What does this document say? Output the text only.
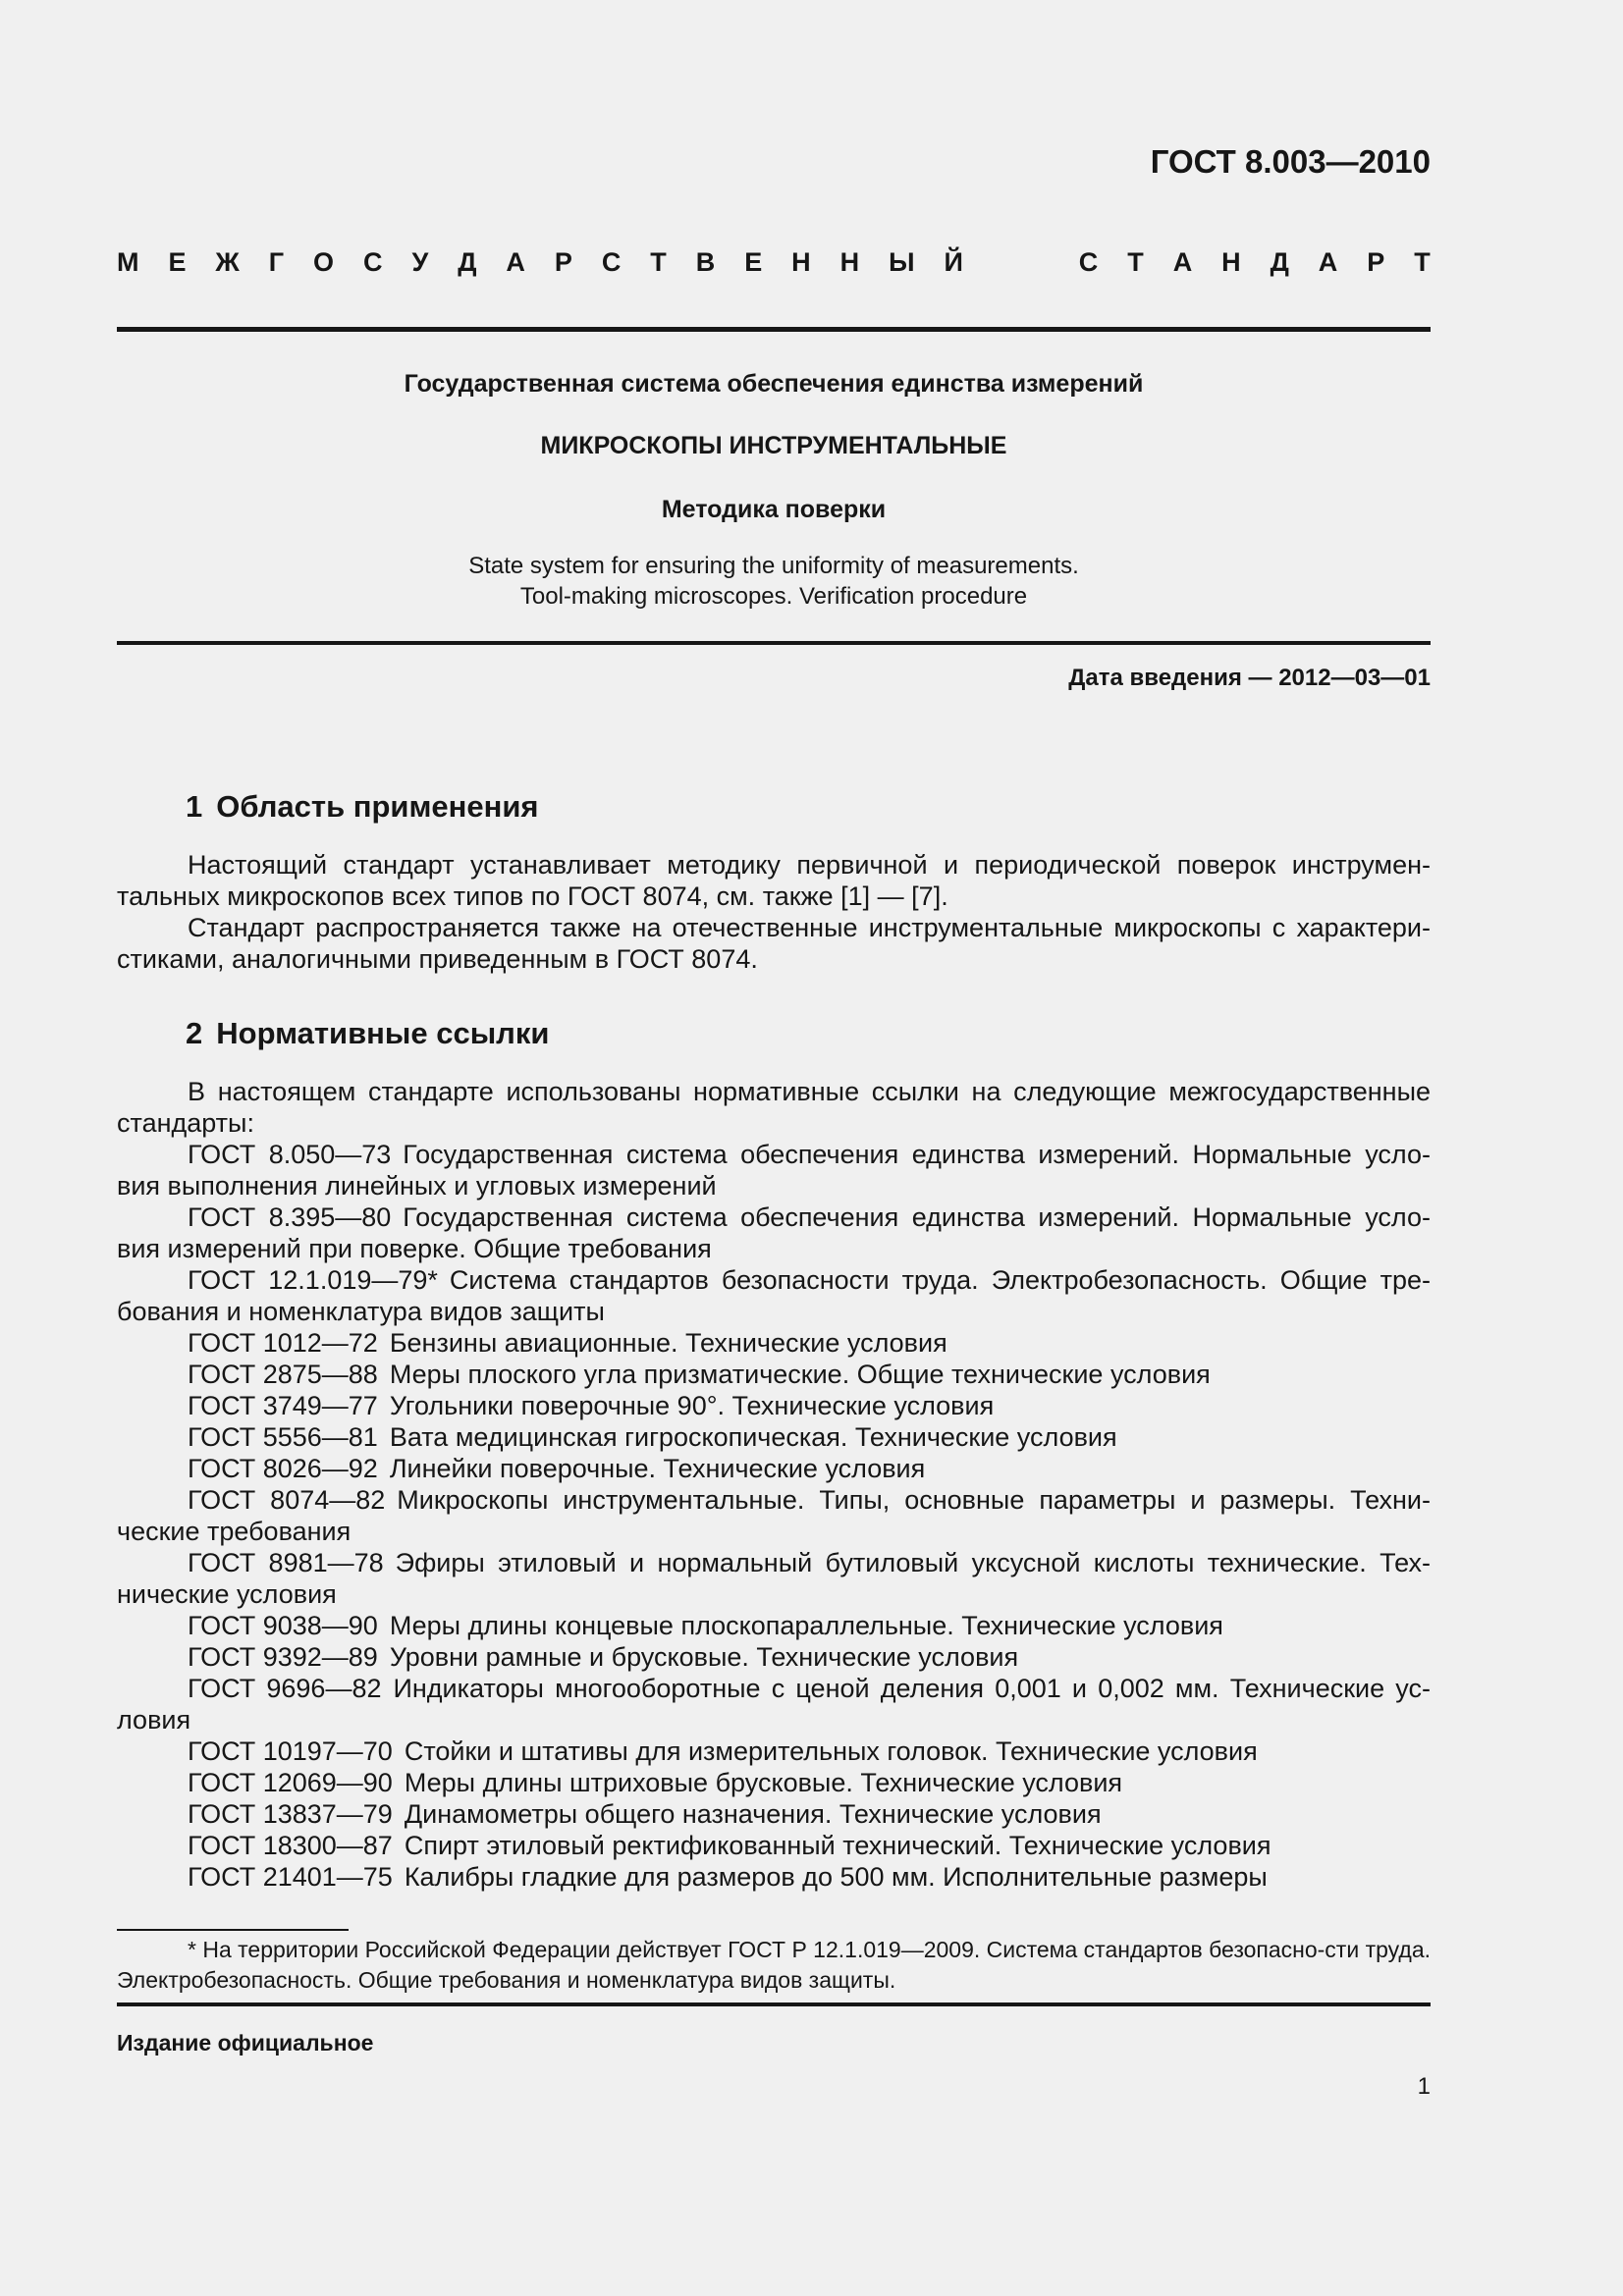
ГОСТ 8.003—2010
М Е Ж Г О С У Д А Р С Т В Е Н Н Ы Й	С Т А Н Д А Р Т
Государственная система обеспечения единства измерений
МИКРОСКОПЫ ИНСТРУМЕНТАЛЬНЫЕ
Методика поверки
State system for ensuring the uniformity of measurements.
Tool-making microscopes. Verification procedure
Дата введения — 2012—03—01
1 Область применения
Настоящий стандарт устанавливает методику первичной и периодической поверок инструмен-тальных микроскопов всех типов по ГОСТ 8074, см. также [1] — [7].
Стандарт распространяется также на отечественные инструментальные микроскопы с характери-стиками, аналогичными приведенным в ГОСТ 8074.
2 Нормативные ссылки
В настоящем стандарте использованы нормативные ссылки на следующие межгосударственные стандарты:
ГОСТ 8.050—73 Государственная система обеспечения единства измерений. Нормальные усло-вия выполнения линейных и угловых измерений
ГОСТ 8.395—80 Государственная система обеспечения единства измерений. Нормальные усло-вия измерений при поверке. Общие требования
ГОСТ 12.1.019—79* Система стандартов безопасности труда. Электробезопасность. Общие тре-бования и номенклатура видов защиты
ГОСТ 1012—72 Бензины авиационные. Технические условия
ГОСТ 2875—88 Меры плоского угла призматические. Общие технические условия
ГОСТ 3749—77 Угольники поверочные 90°. Технические условия
ГОСТ 5556—81 Вата медицинская гигроскопическая. Технические условия
ГОСТ 8026—92 Линейки поверочные. Технические условия
ГОСТ 8074—82 Микроскопы инструментальные. Типы, основные параметры и размеры. Техни-ческие требования
ГОСТ 8981—78 Эфиры этиловый и нормальный бутиловый уксусной кислоты технические. Тех-нические условия
ГОСТ 9038—90 Меры длины концевые плоскопараллельные. Технические условия
ГОСТ 9392—89 Уровни рамные и брусковые. Технические условия
ГОСТ 9696—82 Индикаторы многооборотные с ценой деления 0,001 и 0,002 мм. Технические ус-ловия
ГОСТ 10197—70 Стойки и штативы для измерительных головок. Технические условия
ГОСТ 12069—90 Меры длины штриховые брусковые. Технические условия
ГОСТ 13837—79 Динамометры общего назначения. Технические условия
ГОСТ 18300—87 Спирт этиловый ректификованный технический. Технические условия
ГОСТ 21401—75 Калибры гладкие для размеров до 500 мм. Исполнительные размеры
* На территории Российской Федерации действует ГОСТ Р 12.1.019—2009. Система стандартов безопасно-сти труда. Электробезопасность. Общие требования и номенклатура видов защиты.
Издание официальное
1
